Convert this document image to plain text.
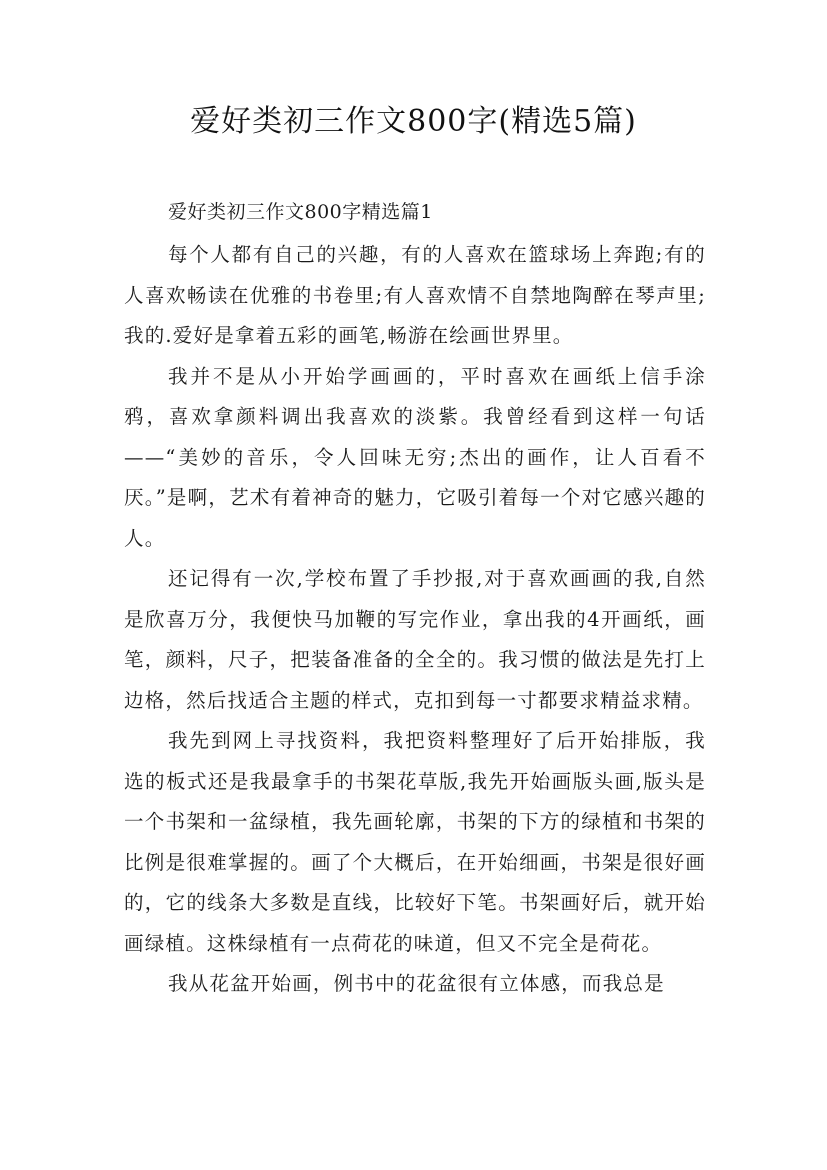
爱好类初三作文800字(精选5篇)
爱好类初三作文800字精选篇1

每个人都有自己的兴趣，有的人喜欢在篮球场上奔跑;有的人喜欢畅读在优雅的书卷里;有人喜欢情不自禁地陶醉在琴声里;我的.爱好是拿着五彩的画笔,畅游在绘画世界里。

我并不是从小开始学画画的，平时喜欢在画纸上信手涂鸦，喜欢拿颜料调出我喜欢的淡紫。我曾经看到这样一句话——“美妙的音乐，令人回味无穷;杰出的画作，让人百看不厌。”是啊，艺术有着神奇的魅力，它吸引着每一个对它感兴趣的人。

还记得有一次,学校布置了手抄报,对于喜欢画画的我,自然是欣喜万分，我便快马加鞭的写完作业，拿出我的4开画纸，画笔，颜料，尺子，把装备准备的全全的。我习惯的做法是先打上边格，然后找适合主题的样式，克扣到每一寸都要求精益求精。

我先到网上寻找资料，我把资料整理好了后开始排版，我选的板式还是我最拿手的书架花草版,我先开始画版头画,版头是一个书架和一盆绿植，我先画轮廓，书架的下方的绿植和书架的比例是很难掌握的。画了个大概后，在开始细画，书架是很好画的，它的线条大多数是直线，比较好下笔。书架画好后，就开始画绿植。这株绿植有一点荷花的味道，但又不完全是荷花。

我从花盆开始画，例书中的花盆很有立体感，而我总是
